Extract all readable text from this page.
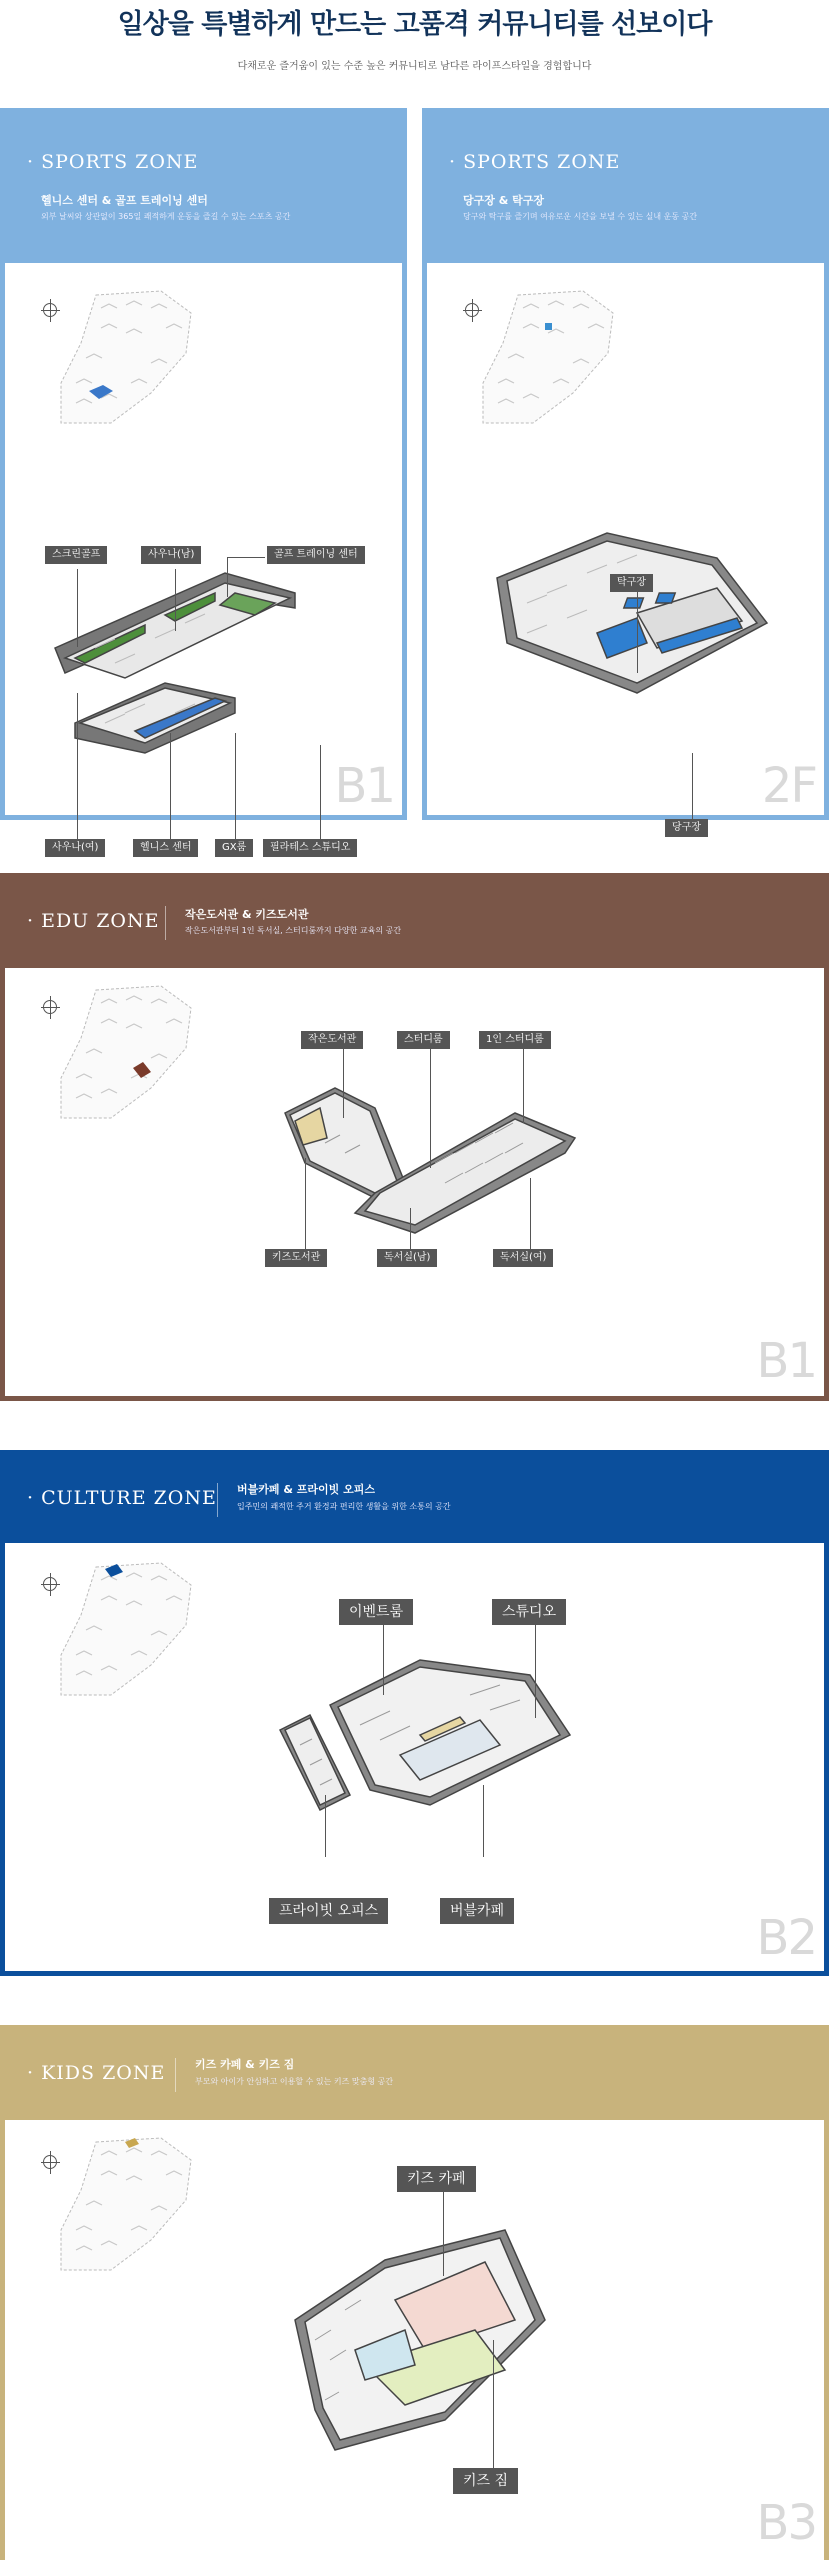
일상을 특별하게 만드는 고품격 커뮤니티를 선보이다
다채로운 즐거움이 있는 수준 높은 커뮤니티로 남다른 라이프스타일을 경험합니다
· SPORTS ZONE
헬니스 센터 & 골프 트레이닝 센터
외부 날씨와 상관없이 365일 쾌적하게 운동을 즐길 수 있는 스포츠 공간
스크린골프	사우나(남)	골프 트레이닝 센터
사우나(여)	헬니스 센터	GX룸	필라테스 스튜디오
B1
· SPORTS ZONE
당구장 & 탁구장
당구와 탁구를 즐기며 여유로운 시간을 보낼 수 있는 실내 운동 공간
탁구장
당구장
2F
· EDU ZONE 작은도서관 & 키즈도서관
작은도서관부터 1인 독서실, 스터디룸까지 다양한 교육의 공간
작은도서관	스터디룸	1인 스터디룸
키즈도서관	독서실(남)	독서실(여)
B1
· CULTURE ZONE 버블카페 & 프라이빗 오피스
입주민의 쾌적한 주거 환경과 편리한 생활을 위한 소통의 공간
이벤트룸	스튜디오
프라이빗 오피스	버블카페	B2
· KIDS ZONE	키즈 카페 & 키즈 짐
부모와 아이가 안심하고 이용할 수 있는 키즈 맞춤형 공간
키즈 카페
키즈 짐
B3
